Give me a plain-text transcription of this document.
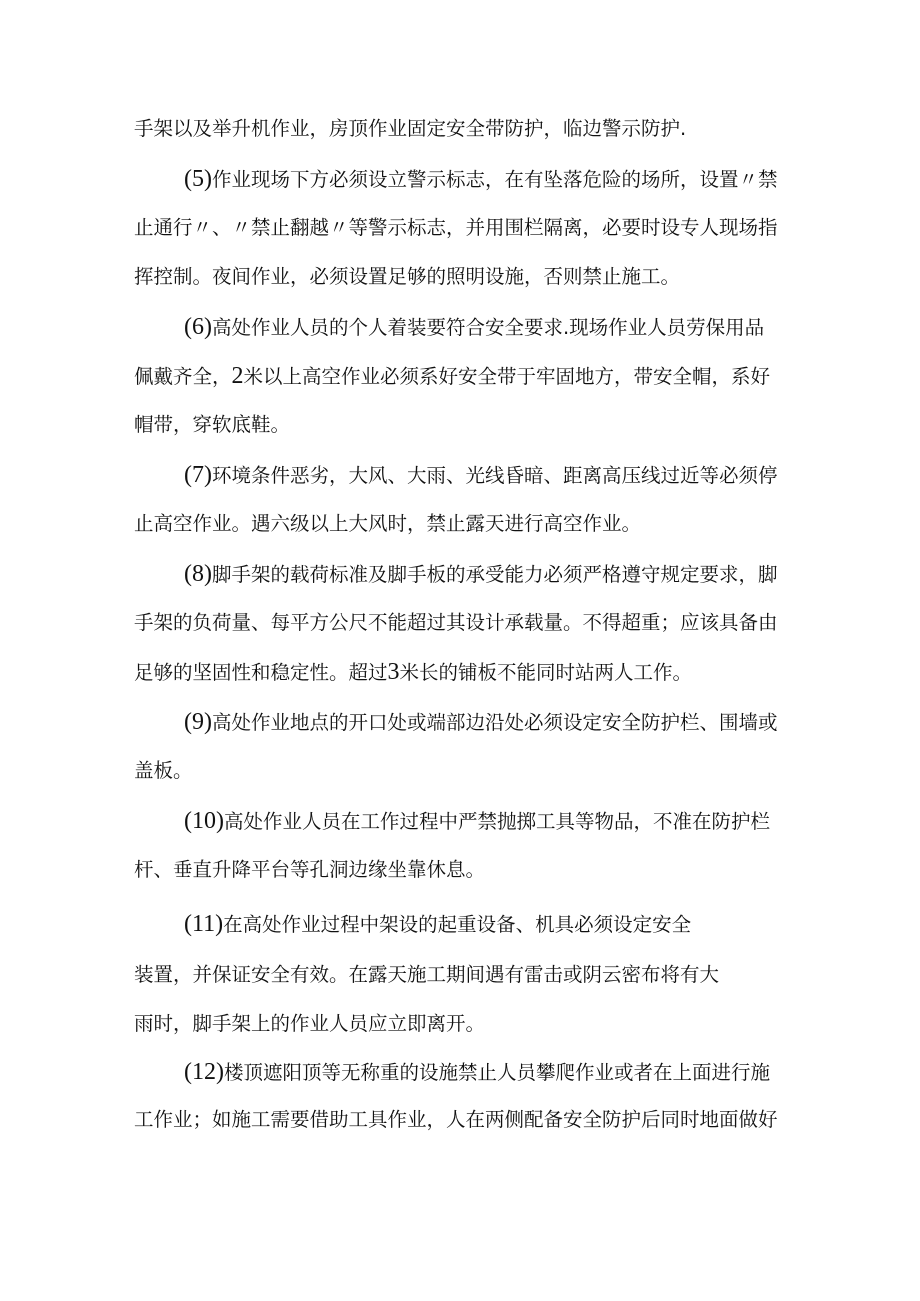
手架以及举升机作业，房顶作业固定安全带防护，临边警示防护.
(5)作业现场下方必须设立警示标志，在有坠落危险的场所，设置〃禁
止通行〃、〃禁止翻越〃等警示标志，并用围栏隔离，必要时设专人现场指
挥控制。夜间作业，必须设置足够的照明设施，否则禁止施工。
(6)高处作业人员的个人着装要符合安全要求.现场作业人员劳保用品
佩戴齐全，2米以上高空作业必须系好安全带于牢固地方，带安全帽，系好
帽带，穿软底鞋。
(7)环境条件恶劣，大风、大雨、光线昏暗、距离高压线过近等必须停
止高空作业。遇六级以上大风时，禁止露天进行高空作业。
(8)脚手架的载荷标准及脚手板的承受能力必须严格遵守规定要求，脚
手架的负荷量、每平方公尺不能超过其设计承载量。不得超重；应该具备由
足够的坚固性和稳定性。超过3米长的铺板不能同时站两人工作。
(9)高处作业地点的开口处或端部边沿处必须设定安全防护栏、围墙或
盖板。
(10)高处作业人员在工作过程中严禁抛掷工具等物品，不准在防护栏
杆、垂直升降平台等孔洞边缘坐靠休息。
(11)在高处作业过程中架设的起重设备、机具必须设定安全
装置，并保证安全有效。在露天施工期间遇有雷击或阴云密布将有大
雨时，脚手架上的作业人员应立即离开。
(12)楼顶遮阳顶等无称重的设施禁止人员攀爬作业或者在上面进行施
工作业；如施工需要借助工具作业，人在两侧配备安全防护后同时地面做好
